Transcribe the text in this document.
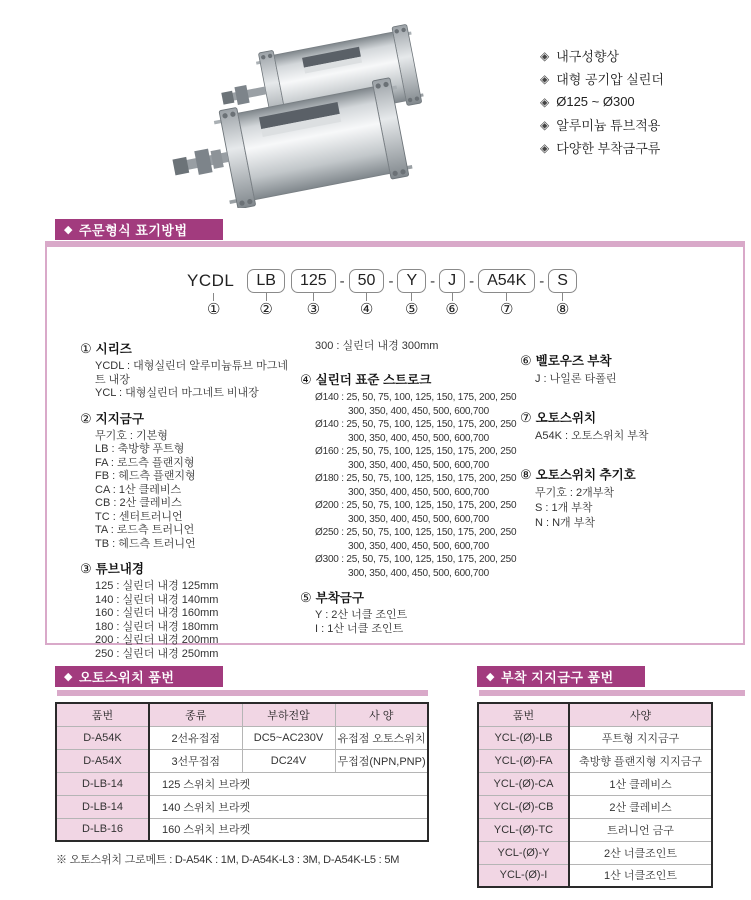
◈ 내구성향상
◈ 대형 공기압 실린더
◈ Ø125 ~ Ø300
◈ 알루미늄 튜브적용
◈ 다양한 부착금구류
◆ 주문형식 표기방법
YCDL
①
LB
②
125
③
- 50
④
- Y
⑤
- J
⑥
- A54K
⑦
- S
⑧
① 시리즈
YCDL : 대형실린더 알루미늄튜브 마그네트 내장
YCL : 대형실린더 마그네트 비내장
② 지지금구
무기호 : 기본형
LB : 축방향 푸트형
FA : 로드측 플랜지형
FB : 헤드측 플랜지형
CA : 1산 클레비스
CB : 2산 클레비스
TC : 센터트러니언
TA : 로드측 트러니언
TB : 헤드측 트러니언
③ 튜브내경
125 : 실린더 내경 125mm
140 : 실린더 내경 140mm
160 : 실린더 내경 160mm
180 : 실린더 내경 180mm
200 : 실린더 내경 200mm
250 : 실린더 내경 250mm
300 : 실린더 내경 300mm
④ 실린더 표준 스트로크
Ø140 : 25, 50, 75, 100, 125, 150, 175, 200, 250
300, 350, 400, 450, 500, 600,700
Ø140 : 25, 50, 75, 100, 125, 150, 175, 200, 250
300, 350, 400, 450, 500, 600,700
Ø160 : 25, 50, 75, 100, 125, 150, 175, 200, 250
300, 350, 400, 450, 500, 600,700
Ø180 : 25, 50, 75, 100, 125, 150, 175, 200, 250
300, 350, 400, 450, 500, 600,700
Ø200 : 25, 50, 75, 100, 125, 150, 175, 200, 250
300, 350, 400, 450, 500, 600,700
Ø250 : 25, 50, 75, 100, 125, 150, 175, 200, 250
300, 350, 400, 450, 500, 600,700
Ø300 : 25, 50, 75, 100, 125, 150, 175, 200, 250
300, 350, 400, 450, 500, 600,700
⑤ 부착금구
Y : 2산 너클 조인트
I : 1산 너클 조인트
⑥ 벨로우즈 부착
J : 나일론 타폴린
⑦ 오토스위치
A54K : 오토스위치 부착
⑧ 오토스위치 추기호
무기호 : 2개부착
S : 1개 부착
N : N개 부착
◆ 오토스위치 품번
품번	종류	부하전압	사 양
D-A54K	2선유접점	DC5~AC230V	유접점 오토스위치
D-A54X	3선무접점	DC24V	무접점(NPN,PNP)
D-LB-14	125 스위치 브라켓		
D-LB-14	140 스위치 브라켓		
D-LB-16	160 스위치 브라켓		
※ 오토스위치 그로메트 : D-A54K : 1M, D-A54K-L3 : 3M, D-A54K-L5 : 5M
◆ 부착 지지금구 품번
품번	사양
YCL-(Ø)-LB	푸트형 지지금구
YCL-(Ø)-FA	축방향 플랜지형 지지금구
YCL-(Ø)-CA	1산 클레비스
YCL-(Ø)-CB	2산 클레비스
YCL-(Ø)-TC	트러니언 금구
YCL-(Ø)-Y	2산 너클조인트
YCL-(Ø)-I	1산 너클조인트
